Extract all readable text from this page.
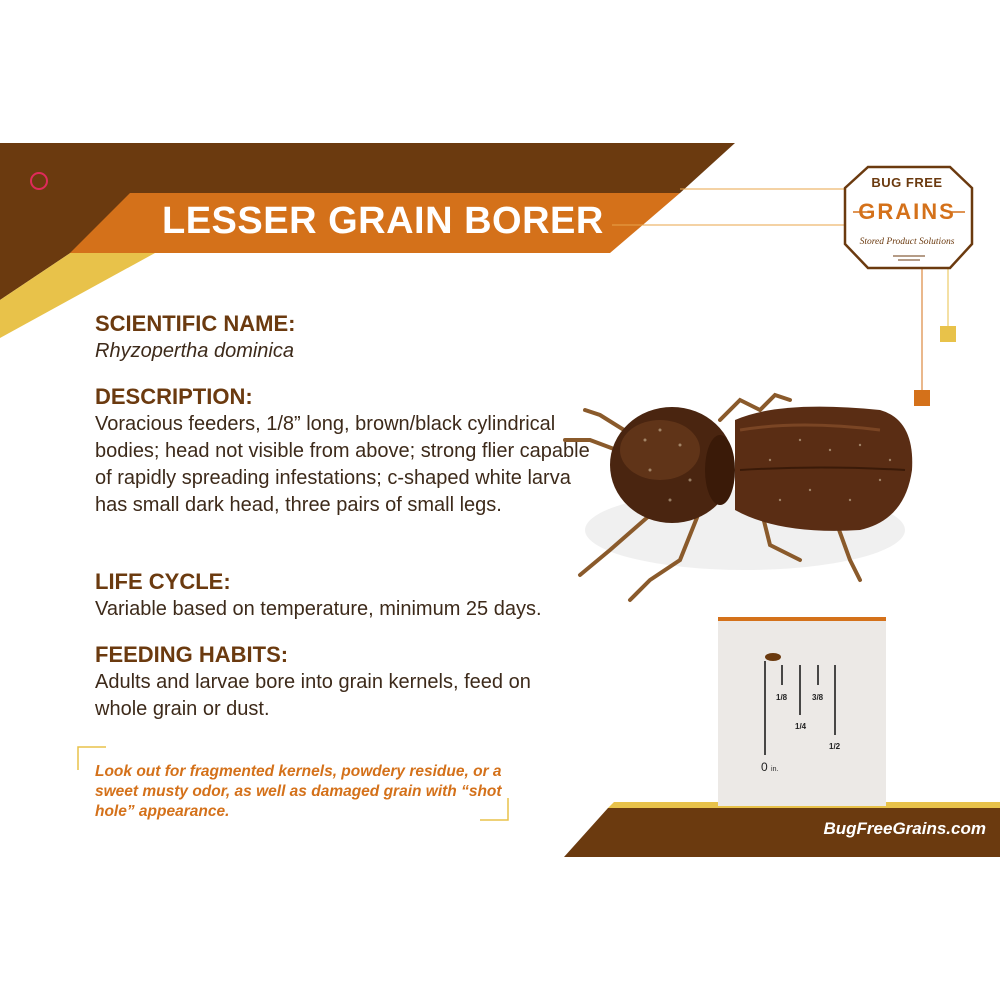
LESSER GRAIN BORER
BUG FREE
GRAINS
Stored Product Solutions
SCIENTIFIC NAME:
Rhyzopertha dominica
DESCRIPTION:
Voracious feeders, 1/8” long, brown/black cylindrical bodies; head not visible from above; strong flier capable of rapidly spreading infestations; c-shaped white larva has small dark head, three pairs of small legs.
LIFE CYCLE:
Variable based on temperature, minimum 25 days.
FEEDING HABITS:
Adults and larvae bore into grain kernels, feed on whole grain or dust.
Look out for fragmented kernels, powdery residue, or a sweet musty odor, as well as damaged grain with “shot hole” appearance.
1/8
1/4
3/8
1/2
0 in.
BugFreeGrains.com
